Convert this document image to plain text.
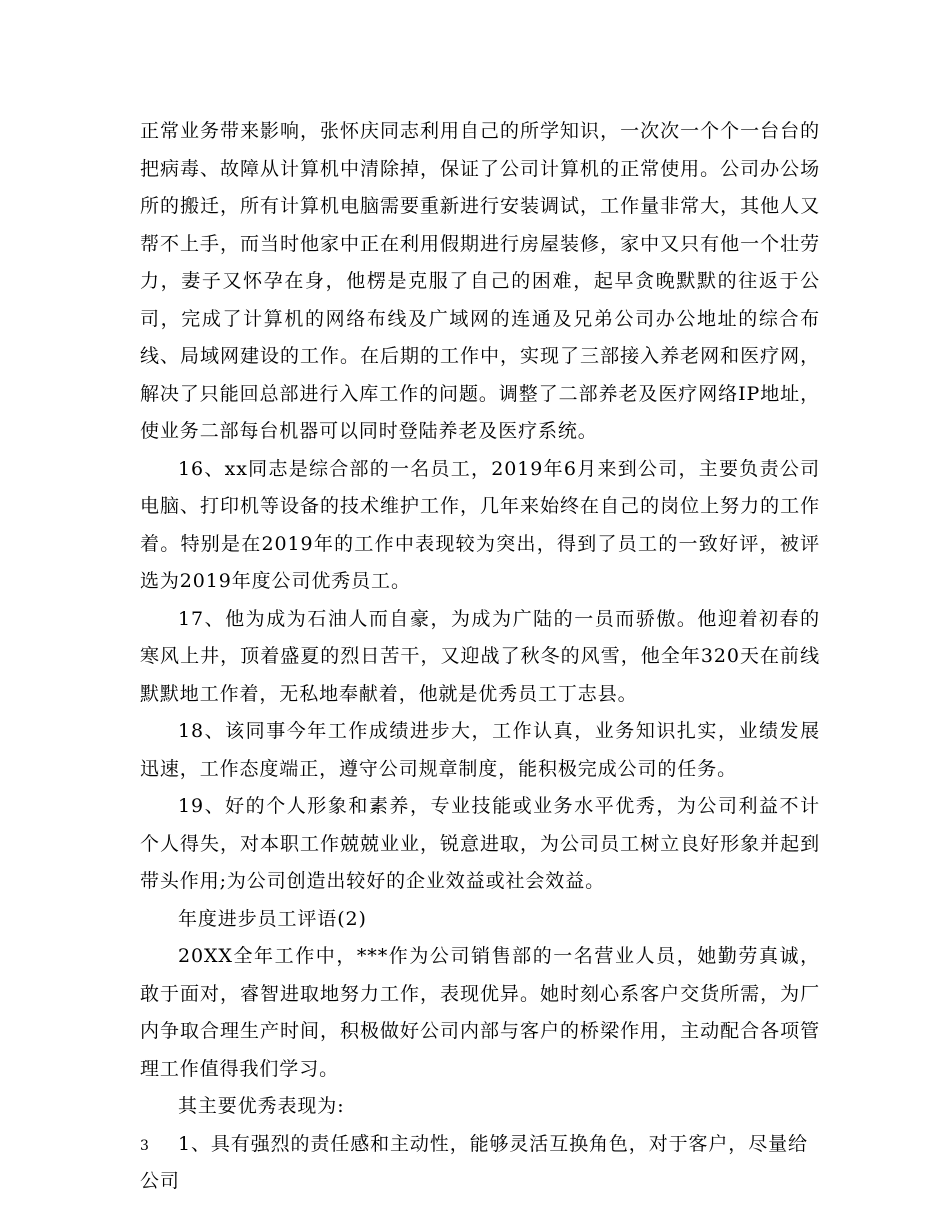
正常业务带来影响，张怀庆同志利用自己的所学知识，一次次一个个一台台的把病毒、故障从计算机中清除掉，保证了公司计算机的正常使用。公司办公场所的搬迁，所有计算机电脑需要重新进行安装调试，工作量非常大，其他人又帮不上手，而当时他家中正在利用假期进行房屋装修，家中又只有他一个壮劳力，妻子又怀孕在身，他楞是克服了自己的困难，起早贪晚默默的往返于公司，完成了计算机的网络布线及广域网的连通及兄弟公司办公地址的综合布线、局域网建设的工作。在后期的工作中，实现了三部接入养老网和医疗网，解决了只能回总部进行入库工作的问题。调整了二部养老及医疗网络IP地址，使业务二部每台机器可以同时登陆养老及医疗系统。

16、xx同志是综合部的一名员工，2019年6月来到公司，主要负责公司电脑、打印机等设备的技术维护工作，几年来始终在自己的岗位上努力的工作着。特别是在2019年的工作中表现较为突出，得到了员工的一致好评，被评选为2019年度公司优秀员工。

17、他为成为石油人而自豪，为成为广陆的一员而骄傲。他迎着初春的寒风上井，顶着盛夏的烈日苦干，又迎战了秋冬的风雪，他全年320天在前线默默地工作着，无私地奉献着，他就是优秀员工丁志县。

18、该同事今年工作成绩进步大，工作认真，业务知识扎实，业绩发展迅速，工作态度端正，遵守公司规章制度，能积极完成公司的任务。

19、好的个人形象和素养，专业技能或业务水平优秀，为公司利益不计个人得失，对本职工作兢兢业业，锐意进取，为公司员工树立良好形象并起到带头作用;为公司创造出较好的企业效益或社会效益。

年度进步员工评语(2)

20XX全年工作中，***作为公司销售部的一名营业人员，她勤劳真诚，敢于面对，睿智进取地努力工作，表现优异。她时刻心系客户交货所需，为厂内争取合理生产时间，积极做好公司内部与客户的桥梁作用，主动配合各项管理工作值得我们学习。

其主要优秀表现为:

1、具有强烈的责任感和主动性，能够灵活互换角色，对于客户，尽量给公司

3
